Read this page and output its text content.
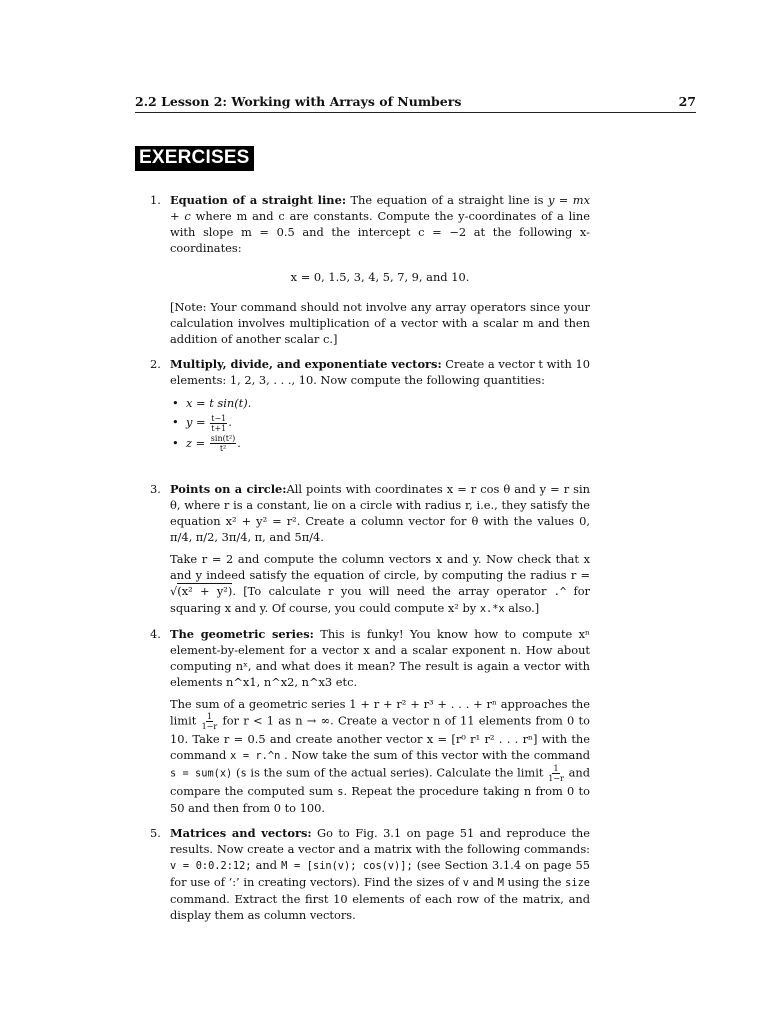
2.2 Lesson 2: Working with Arrays of Numbers	27
EXERCISES
1. Equation of a straight line: The equation of a straight line is y = mx + c where m and c are constants. Compute the y-coordinates of a line with slope m = 0.5 and the intercept c = −2 at the following x-coordinates:

x = 0, 1.5, 3, 4, 5, 7, 9, and 10.

[Note: Your command should not involve any array operators since your calculation involves multiplication of a vector with a scalar m and then addition of another scalar c.]

2. Multiply, divide, and exponentiate vectors: Create a vector t with 10 elements: 1, 2, 3, . . ., 10. Now compute the following quantities:

• x = t sin(t).
• $y = \frac{t-1}{t+1}$ .
• $z = \frac{\text{sin(t²)}}{\text{t²}}$ .
3. Points on a circle:All points with coordinates x = r cos θ and y = r sin θ, where r is a constant, lie on a circle with radius r, i.e., they satisfy the equation x² + y² = r². Create a column vector for θ with the values 0, π/4, π/2, 3π/4, π, and 5π/4.

Take r = 2 and compute the column vectors x and y. Now check that x and y indeed satisfy the equation of circle, by computing the radius r = √(x² + y²). [To calculate r you will need the array operator .^ for squaring x and y. Of course, you could compute x² by x.*x also.]

4. The geometric series: This is funky! You know how to compute xⁿ element-by-element for a vector x and a scalar exponent n. How about computing nˣ, and what does it mean? The result is again a vector with elements n^x1, n^x2, n^x3 etc.

The sum of a geometric series 1 + r + r² + r³ + . . . + rⁿ approaches the limit $\frac{1}{1-r}$ for r < 1 as n → ∞. Create a vector n of 11 elements from 0 to 10. Take r = 0.5 and create another vector x = [r⁰ r¹ r² . . . rⁿ] with the command x = r.^n . Now take the sum of this vector with the command s = sum(x) (s is the sum of the actual series). Calculate the limit $\frac{1}{1-r}$ and compare the computed sum s. Repeat the procedure taking n from 0 to 50 and then from 0 to 100.

5. Matrices and vectors: Go to Fig. 3.1 on page 51 and reproduce the results. Now create a vector and a matrix with the following commands: v = 0:0.2:12; and M = [sin(v); cos(v)]; (see Section 3.1.4 on page 55 for use of ‘:’ in creating vectors). Find the sizes of v and M using the size command. Extract the first 10 elements of each row of the matrix, and display them as column vectors.
